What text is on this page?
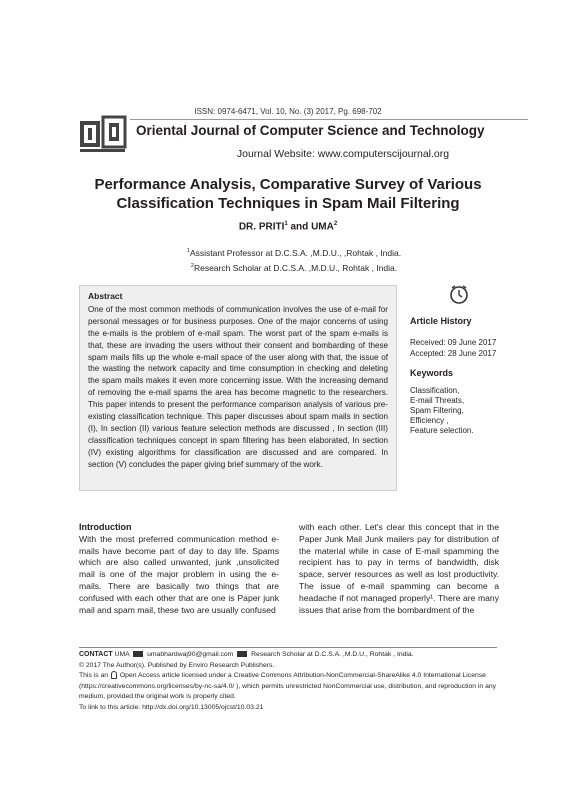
ISSN: 0974-6471, Vol. 10, No. (3) 2017, Pg. 698-702
Oriental Journal of Computer Science and Technology
Journal Website: www.computerscijournal.org
Performance Analysis, Comparative Survey of Various Classification Techniques in Spam Mail Filtering
DR. PRITI$^1$ and UMA$^2$
$^1$Assistant Professor at D.C.S.A. ,M.D.U., ,Rohtak , India.
$^2$Research Scholar at D.C.S.A. ,M.D.U., Rohtak , India.
Abstract

One of the most common methods of communication involves the use of e-mail for personal messages or for business purposes. One of the major concerns of using the e-mails is the problem of e-mail spam. The worst part of the spam e-mails is that, these are invading the users without their consent and bombarding of these spam mails fills up the whole e-mail space of the user along with that, the issue of the wasting the network capacity and time consumption in checking and deleting the spam mails makes it even more concerning issue. With the increasing demand of removing the e-mail spams the area has become magnetic to the researchers. This paper intends to present the performance comparison analysis of various pre-existing classification technique. This paper discusses about spam mails in section (I), In section (II) various feature selection methods are discussed , In section (III) classification techniques concept in spam filtering has been elaborated, In section (IV) existing algorithms for classification are discussed and are compared. In section (V) concludes the paper giving brief summary of the work.

Article History
Received: 09 June 2017
Accepted: 28 June 2017
Keywords
Classification,
E-mail Threats,
Spam Filtering,
Efficiency ,
Feature selection.
Introduction

With the most preferred communication method e-mails have become part of day to day life. Spams which are also called unwanted, junk ,unsolicited mail is one of the major problem in using the e-mails. There are basically two things that are confused with each other that are one is Paper junk mail and spam mail, these two are usually confused

with each other. Let's clear this concept that in the Paper Junk Mail Junk mailers pay for distribution of the material while in case of E-mail spamming the recipient has to pay in terms of bandwidth, disk space, server resources as well as lost productivity. The issue of e-mail spamming can become a headache if not managed properly¹. There are many issues that arise from the bombardment of the

CONTACT UMA	umabhardwaj90@gmail.com	Research Scholar at D.C.S.A. ,M.D.U., Rohtak , India.
© 2017 The Author(s). Published by Enviro Research Publishers.
This is an Open Access article licensed under a Creative Commons Attribution-NonCommercial-ShareAlike 4.0 International License (https://creativecommons.org/licenses/by-nc-sa/4.0/ ), which permits unrestricted NonCommercial use, distribution, and reproduction in any medium, provided the original work is properly cited.
To link to this article: http://dx.doi.org/10.13005/ojcst/10.03.21
